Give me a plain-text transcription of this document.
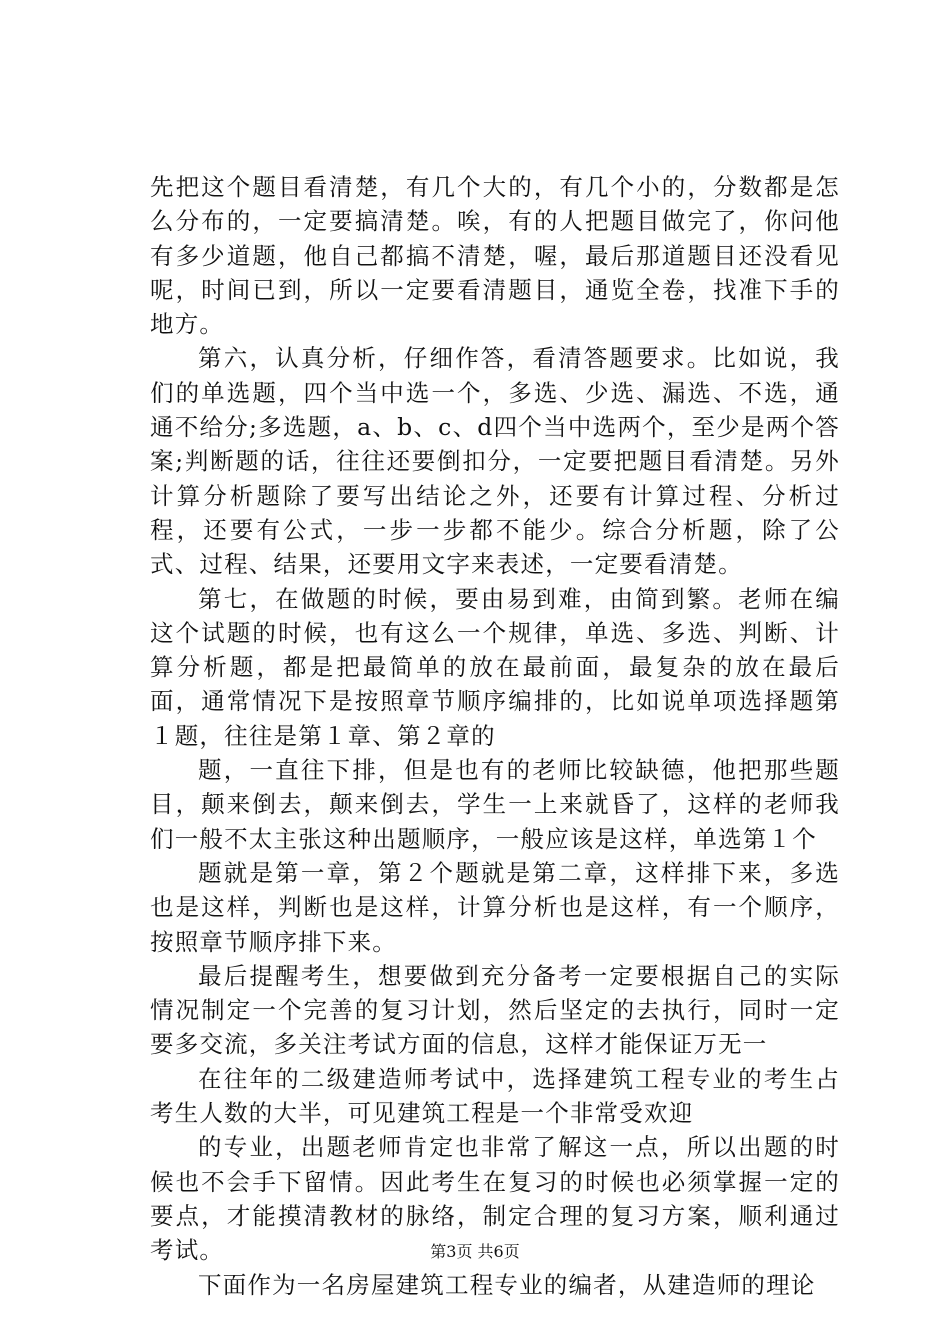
先把这个题目看清楚，有几个大的，有几个小的，分数都是怎么分布的，一定要搞清楚。唉，有的人把题目做完了，你问他有多少道题，他自己都搞不清楚，喔，最后那道题目还没看见呢，时间已到，所以一定要看清题目，通览全卷，找准下手的地方。

第六，认真分析，仔细作答，看清答题要求。比如说，我们的单选题，四个当中选一个，多选、少选、漏选、不选，通通不给分;多选题，a、b、c、d四个当中选两个，至少是两个答案;判断题的话，往往还要倒扣分，一定要把题目看清楚。另外计算分析题除了要写出结论之外，还要有计算过程、分析过程，还要有公式，一步一步都不能少。综合分析题，除了公式、过程、结果，还要用文字来表述，一定要看清楚。

第七，在做题的时候，要由易到难，由简到繁。老师在编这个试题的时候，也有这么一个规律，单选、多选、判断、计算分析题，都是把最简单的放在最前面，最复杂的放在最后面，通常情况下是按照章节顺序编排的，比如说单项选择题第１题，往往是第１章、第２章的

题，一直往下排，但是也有的老师比较缺德，他把那些题目，颠来倒去，颠来倒去，学生一上来就昏了，这样的老师我们一般不太主张这种出题顺序，一般应该是这样，单选第１个

题就是第一章，第２个题就是第二章，这样排下来，多选也是这样，判断也是这样，计算分析也是这样，有一个顺序，按照章节顺序排下来。

最后提醒考生，想要做到充分备考一定要根据自己的实际情况制定一个完善的复习计划，然后坚定的去执行，同时一定要多交流，多关注考试方面的信息，这样才能保证万无一

在往年的二级建造师考试中，选择建筑工程专业的考生占考生人数的大半，可见建筑工程是一个非常受欢迎

的专业，出题老师肯定也非常了解这一点，所以出题的时候也不会手下留情。因此考生在复习的时候也必须掌握一定的要点，才能摸清教材的脉络，制定合理的复习方案，顺利通过考试。

下面作为一名房屋建筑工程专业的编者，从建造师的理论

第3页 共6页
